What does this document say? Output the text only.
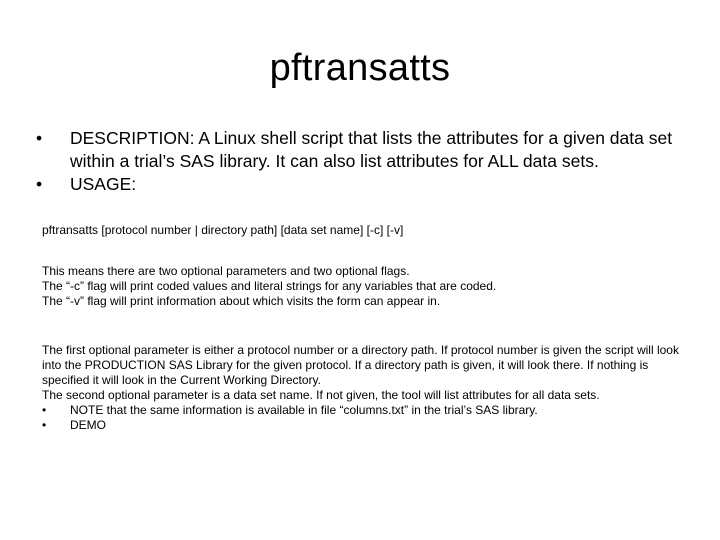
pftransatts
•	DESCRIPTION: A Linux shell script that lists the attributes for a given data set within a trial’s SAS library. It can also list attributes for ALL data sets.
•	USAGE:
pftransatts [protocol number | directory path] [data set name] [-c] [-v]
This means there are two optional parameters and two optional flags.
The “-c” flag will print coded values and literal strings for any variables that are coded.
The “-v” flag will print information about which visits the form can appear in.
The first optional parameter is either a protocol number or a directory path. If protocol number is given the script will look into the PRODUCTION SAS Library for the given protocol. If a directory path is given, it will look there. If nothing is specified it will look in the Current Working Directory.
The second optional parameter is a data set name. If not given, the tool will list attributes for all data sets.
• NOTE that the same information is available in file “columns.txt” in the trial’s SAS library.
• DEMO
